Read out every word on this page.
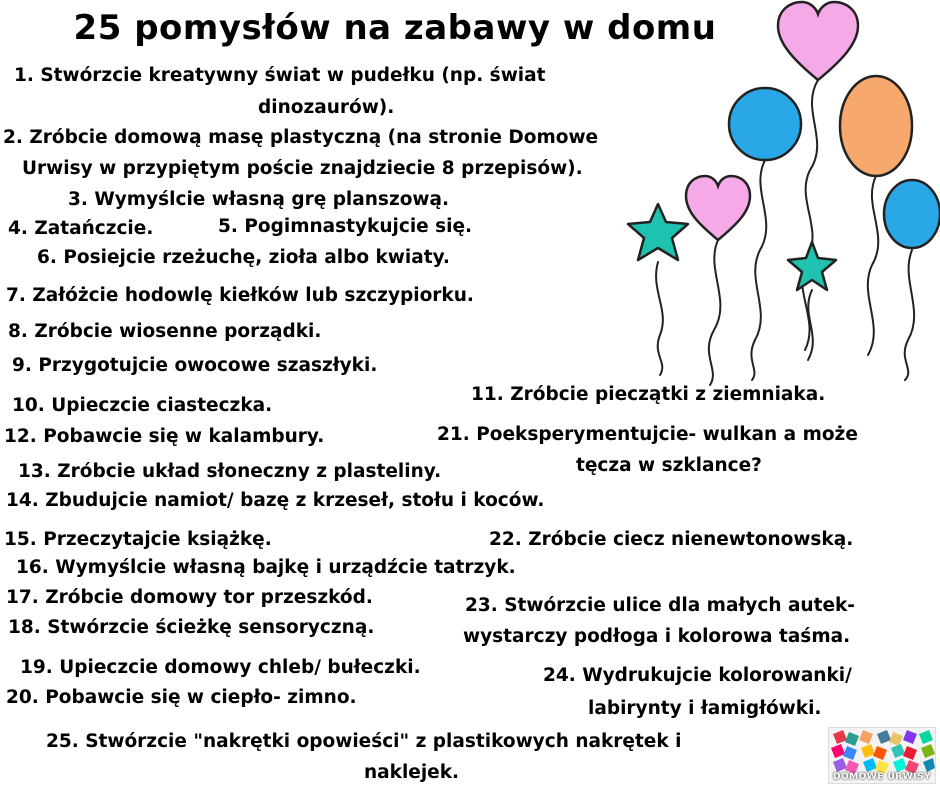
25 pomysłów na zabawy w domu
1. Stwórzcie kreatywny świat w pudełku (np. świat
dinozaurów).
2. Zróbcie domową masę plastyczną (na stronie Domowe
Urwisy w przypiętym poście znajdziecie 8 przepisów).
3. Wymyślcie własną grę planszową.
4. Zatańczcie.	5. Pogimnastykujcie się.
6. Posiejcie rzeżuchę, zioła albo kwiaty.
7. Załóżcie hodowlę kiełków lub szczypiorku.
8. Zróbcie wiosenne porządki.
9. Przygotujcie owocowe szaszłyki.
10. Upieczcie ciasteczka.
11. Zróbcie pieczątki z ziemniaka.
12. Pobawcie się w kalambury.	21. Poeksperymentujcie- wulkan a może
tęcza w szklance?
13. Zróbcie układ słoneczny z plasteliny.
14. Zbudujcie namiot/ bazę z krzeseł, stołu i koców.
15. Przeczytajcie książkę.	22. Zróbcie ciecz nienewtonowską.
16. Wymyślcie własną bajkę i urządźcie tatrzyk.
17. Zróbcie domowy tor przeszkód.	23. Stwórzcie ulice dla małych autek-
wystarczy podłoga i kolorowa taśma.
18. Stwórzcie ścieżkę sensoryczną.
19. Upieczcie domowy chleb/ bułeczki.	24. Wydrukujcie kolorowanki/
labirynty i łamigłówki.
20. Pobawcie się w ciepło- zimno.
25. Stwórzcie "nakrętki opowieści" z plastikowych nakrętek i
naklejek.	DOMOWE URWISY
